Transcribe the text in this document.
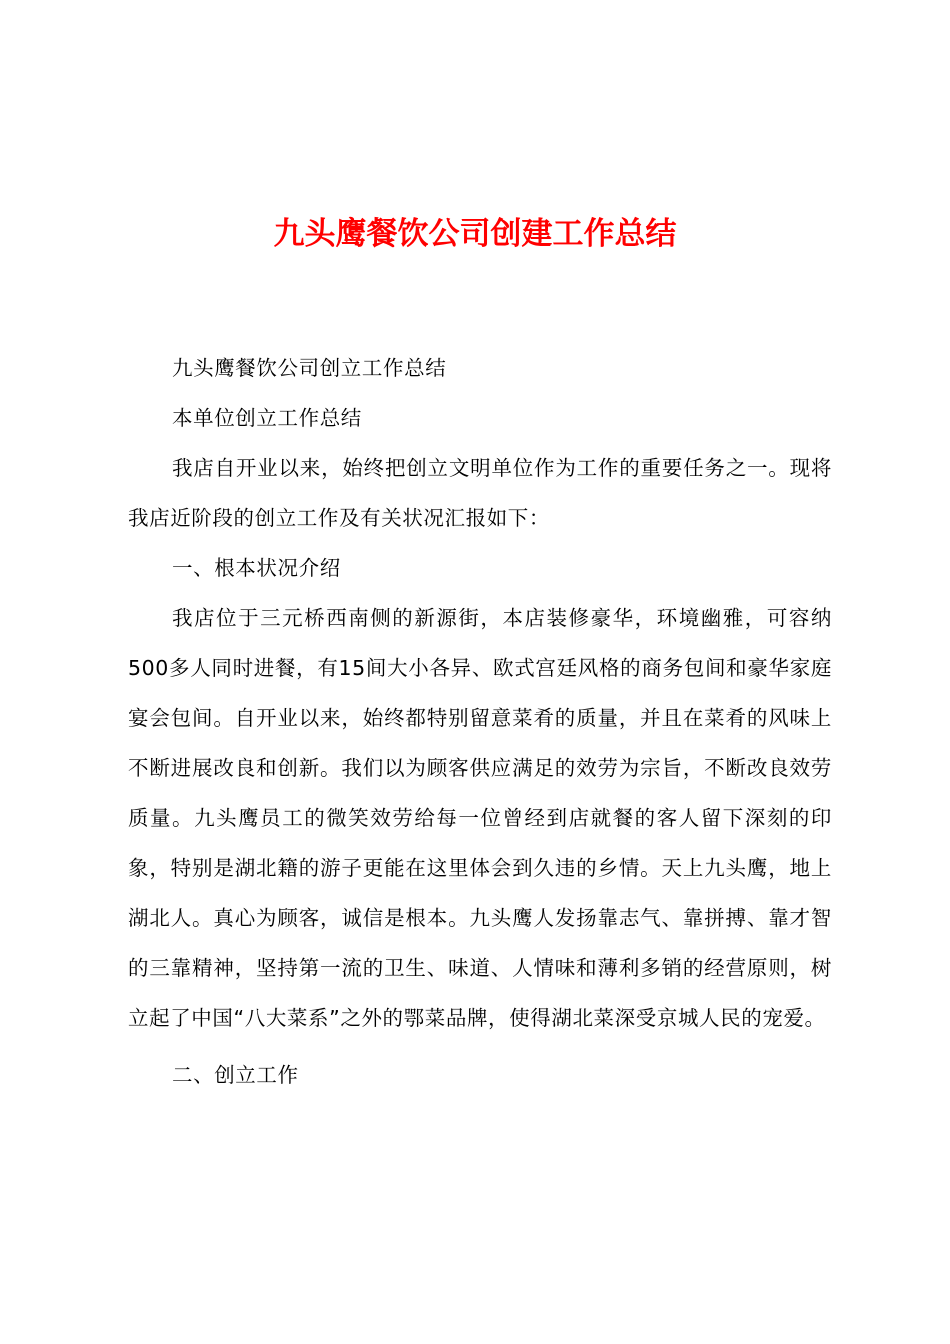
九头鹰餐饮公司创建工作总结

九头鹰餐饮公司创立工作总结

本单位创立工作总结

我店自开业以来，始终把创立文明单位作为工作的重要任务之一。现将我店近阶段的创立工作及有关状况汇报如下：

一、根本状况介绍

我店位于三元桥西南侧的新源街，本店装修豪华，环境幽雅，可容纳500多人同时进餐，有15间大小各异、欧式宫廷风格的商务包间和豪华家庭宴会包间。自开业以来，始终都特别留意菜肴的质量，并且在菜肴的风味上不断进展改良和创新。我们以为顾客供应满足的效劳为宗旨，不断改良效劳质量。九头鹰员工的微笑效劳给每一位曾经到店就餐的客人留下深刻的印象，特别是湖北籍的游子更能在这里体会到久违的乡情。天上九头鹰，地上湖北人。真心为顾客，诚信是根本。九头鹰人发扬靠志气、靠拼搏、靠才智的三靠精神，坚持第一流的卫生、味道、人情味和薄利多销的经营原则，树立起了中国“八大菜系”之外的鄂菜品牌，使得湖北菜深受京城人民的宠爱。

二、创立工作
